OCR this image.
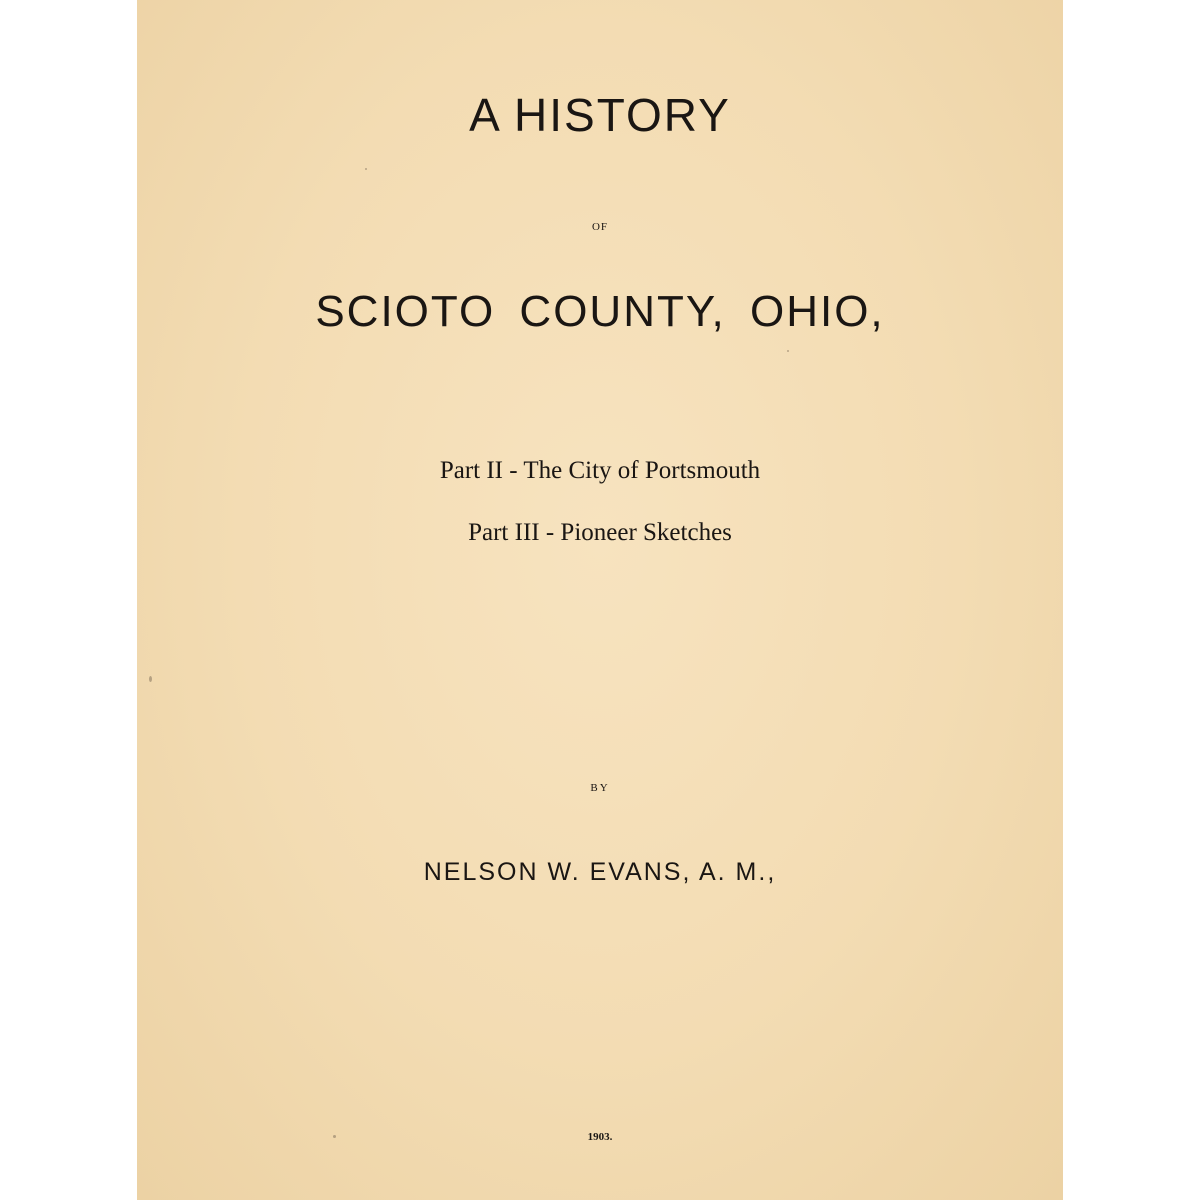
A HISTORY
OF
SCIOTO COUNTY, OHIO,
Part II - The City of Portsmouth
Part III - Pioneer Sketches
BY
NELSON W. EVANS, A. M.,
1903.
